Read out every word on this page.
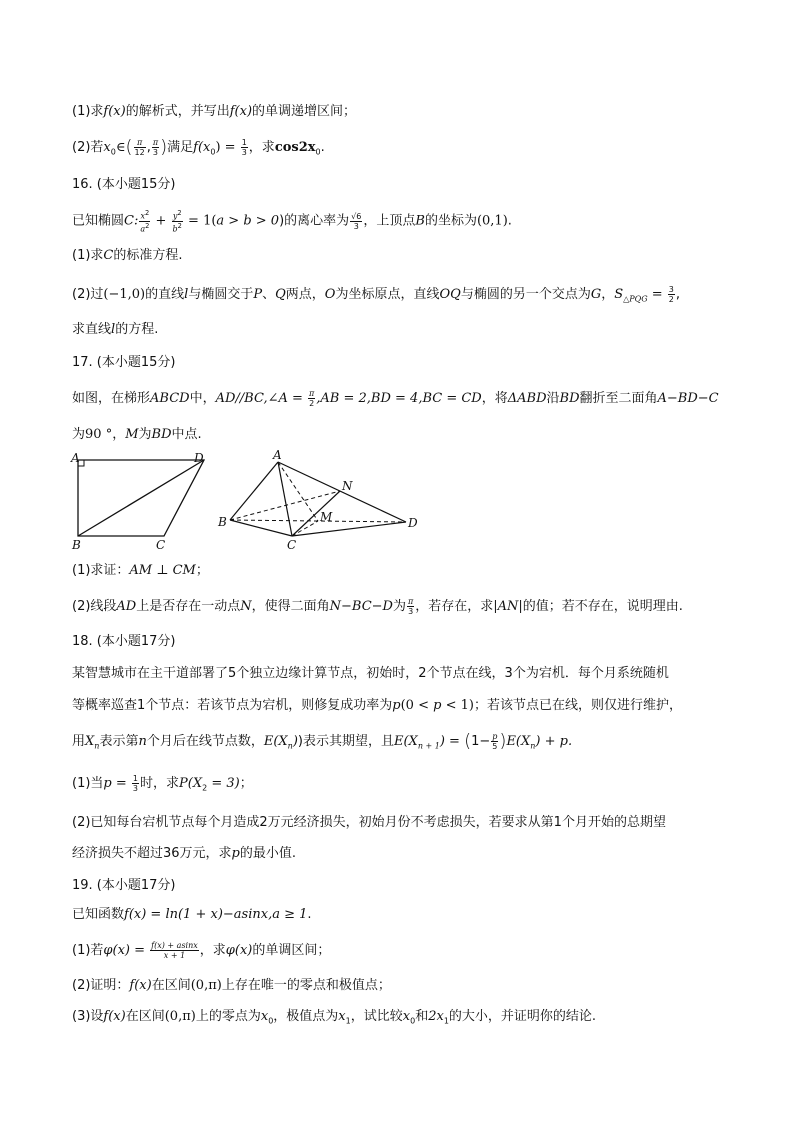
(1)求f(x)的解析式，并写出f(x)的单调递增区间；
(2)若$x_0\in( \frac{\pi}{12}$ , $\frac{\pi}{3}$ )满足$f(x_0) = \frac{1}{3}$ ，求$\cos 2x_0$.
16. (本小题15分)
已知椭圆C: $\frac{x^2}{a^2} + \frac{y^2}{b^2} = 1(a > b > 0)$的离心率为 $\frac{√6}{3}$ ，上顶点B的坐标为(0,1).
(1)求C的标准方程.
(2)过(−1,0)的直线l与椭圆交于P、Q两点，O为坐标原点，直线OQ与椭圆的另一个交点为G，$S_{\triangle PQG} = \frac{3}{2}$ ,
求直线l的方程.
17. (本小题15分)
如图，在梯形ABCD中，AD//BC,∠A = $\frac{\pi}{2} ,AB = 2,BD = 4,BC$ = CD，将ΔABD沿BD翻折至二面角A−BD−C
为90 °，M为BD中点.
A	D
B	C
A
N
B	M	D
C
(1)求证：AM ⊥ CM；
(2)线段AD上是否存在一动点N，使得二面角N−BC−D为 $\frac{\pi}{3}$ ，若存在，求|AN|的值；若不存在，说明理由.
18. (本小题17分)
某智慧城市在主干道部署了5个独立边缘计算节点，初始时，2个节点在线，3个为宕机．每个月系统随机
等概率巡查1个节点：若该节点为宕机，则修复成功率为p(0 < p < 1)；若该节点已在线，则仅进行维护，
用$X_n$表示第n个月后在线节点数，$E(X_n)$)表示其期望，且$E(X_{n + 1}) = (1- \frac{p}{5} )E(X_n) + p$.
(1)当$p = \frac{1}{3}$ 时，求$P(X_2 = 3)$；
(2)已知每台宕机节点每个月造成2万元经济损失，初始月份不考虑损失，若要求从第1个月开始的总期望
经济损失不超过36万元，求p的最小值.
19. (本小题17分)
已知函数f(x) = ln(1 + x)−asinx,a ≥ 1.
(1)若$\varphi(x) = \frac{f(x) + asinx}{x + 1}$ ，求φ(x)的单调区间；
(2)证明：f(x)在区间(0,π)上存在唯一的零点和极值点；
(3)设f(x)在区间(0,π)上的零点为$x_0$，极值点为$x_1$，试比较$x_0$和$2x_1$的大小，并证明你的结论.
